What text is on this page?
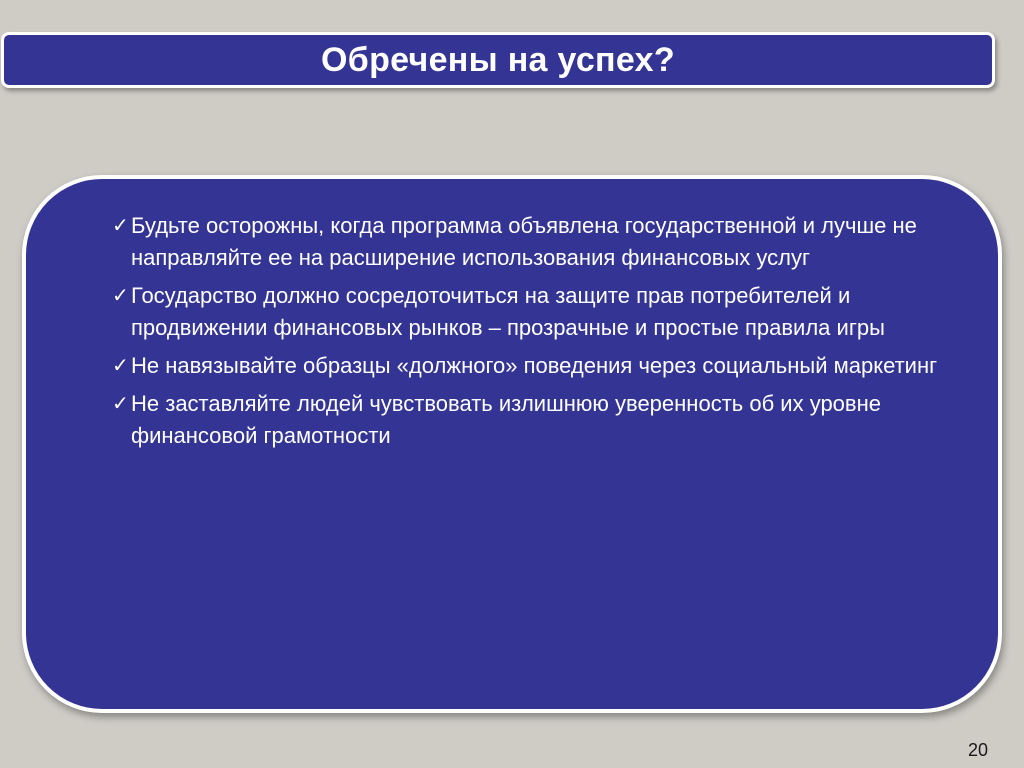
Обречены на успех?
✓ Будьте осторожны, когда программа объявлена государственной и лучше не направляйте ее на расширение использования финансовых услуг
✓ Государство должно сосредоточиться на защите прав потребителей и продвижении финансовых рынков – прозрачные и простые правила игры
✓ Не навязывайте образцы «должного» поведения через социальный маркетинг
✓ Не заставляйте людей чувствовать излишнюю уверенность об их уровне финансовой грамотности
20
